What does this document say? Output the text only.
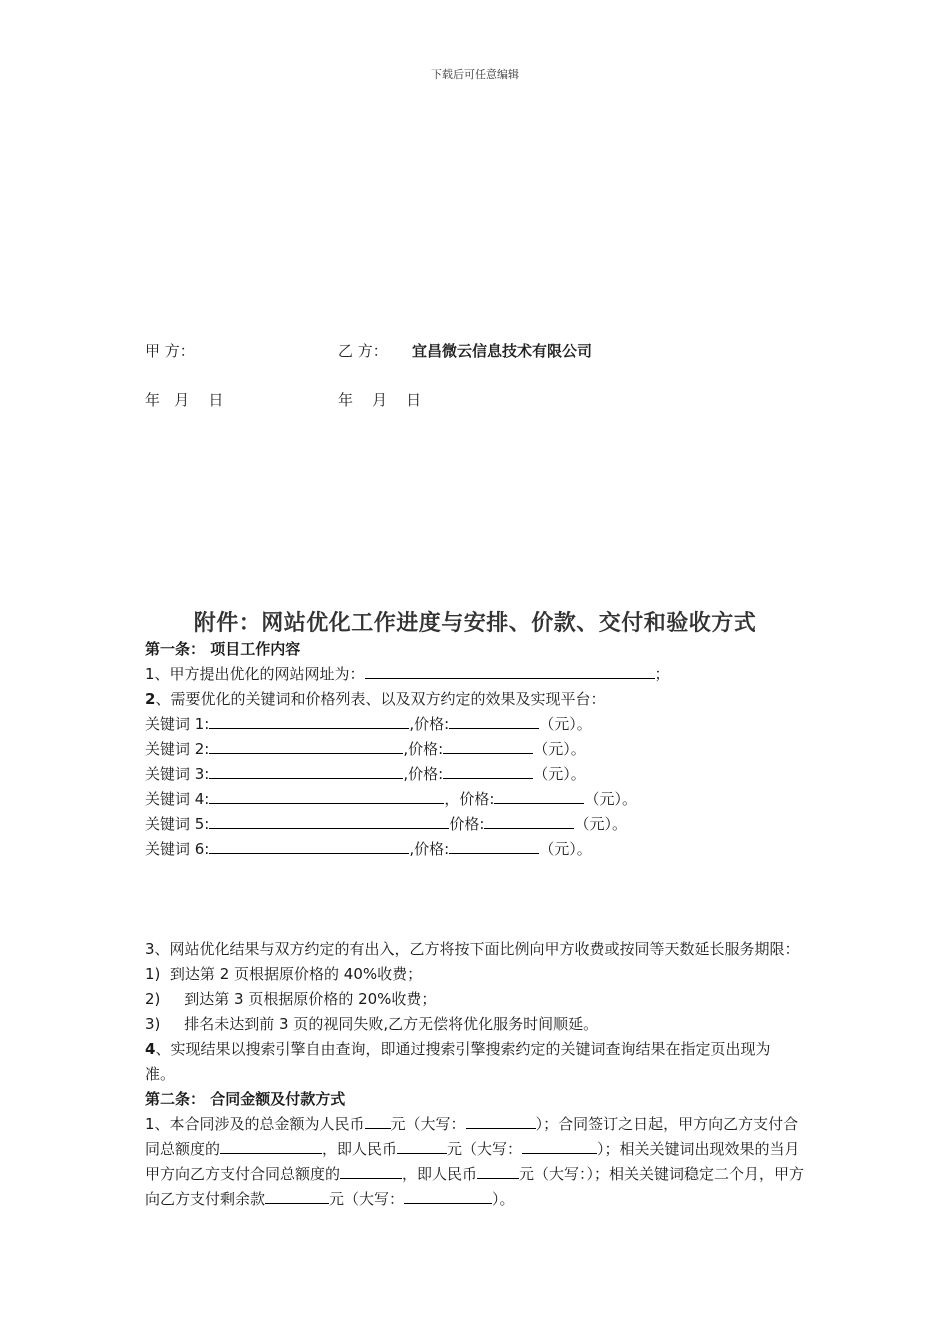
下载后可任意编辑
甲 方：	乙 方： 宜昌微云信息技术有限公司
年   月    日	年    月    日
附件：网站优化工作进度与安排、价款、交付和验收方式
第一条： 项目工作内容
1、甲方提出优化的网站网址为：	；
2、需要优化的关键词和价格列表、以及双方约定的效果及实现平台：
关键词 1:	,价格:	（元）。
关键词 2:	,价格:	（元）。
关键词 3:	,价格:	（元）。
关键词 4:	，价格:	（元）。
关键词 5:	价格:	（元）。
关键词 6:	,价格:	（元）。
3、网站优化结果与双方约定的有出入，乙方将按下面比例向甲方收费或按同等天数延长服务期限：
1)  到达第 2 页根据原价格的 40%收费；
2)     到达第 3 页根据原价格的 20%收费；
3)     排名未达到前 3 页的视同失败,乙方无偿将优化服务时间顺延。
4、实现结果以搜索引擎自由查询，即通过搜索引擎搜索约定的关键词查询结果在指定页出现为准。
第二条： 合同金额及付款方式
1、本合同涉及的总金额为人民币 元（大写：	）；合同签订之日起，甲方向乙方支付合同总额度的	，即人民币	元（大写：	）；相关关键词出现效果的当月甲方向乙方支付合同总额度的	，即人民币	元（大写：）；相关关键词稳定二个月，甲方向乙方支付剩余款	元（大写：	）。
